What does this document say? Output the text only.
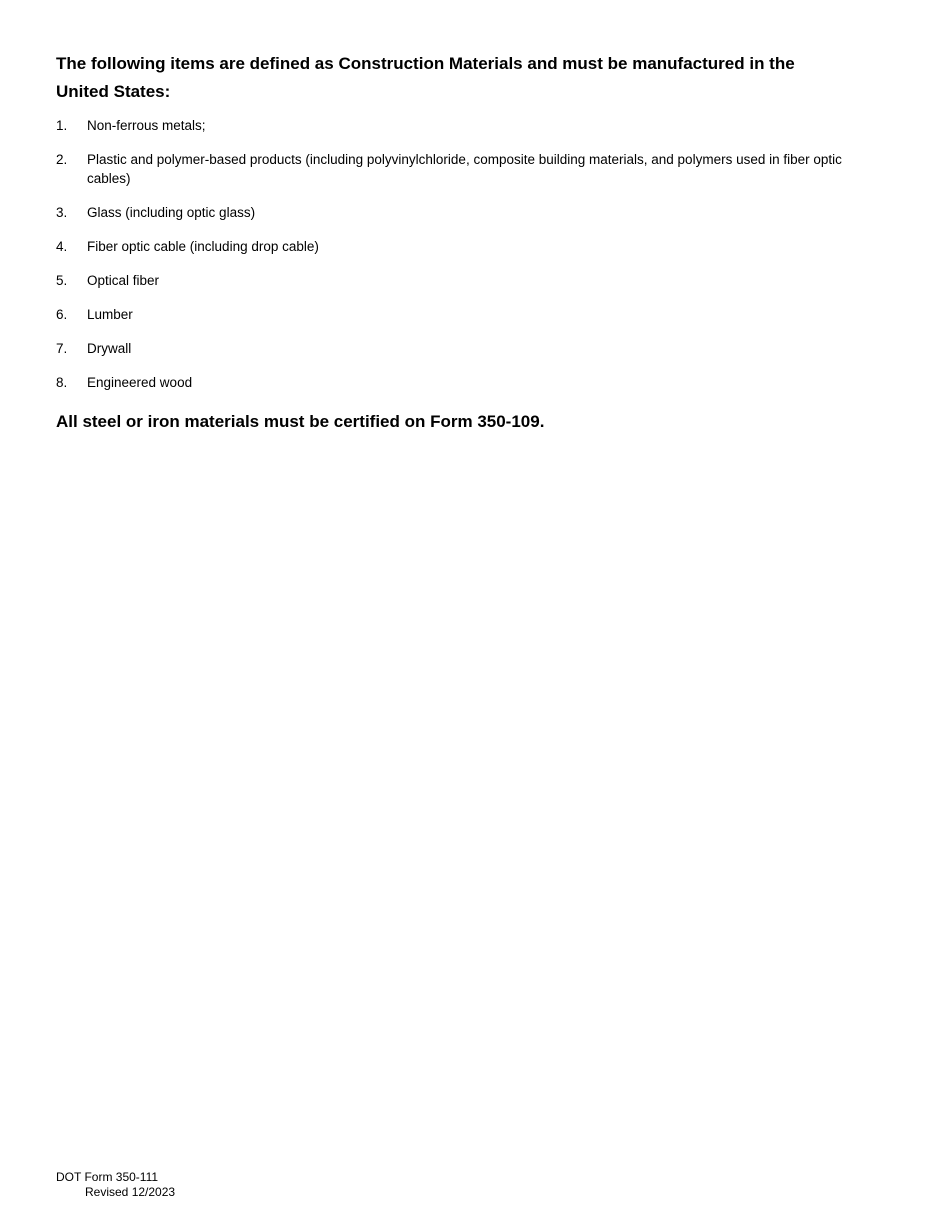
The following items are defined as Construction Materials and must be manufactured in the United States:
1.	Non-ferrous metals;
2.	Plastic and polymer-based products (including polyvinylchloride, composite building materials, and polymers used in fiber optic cables)
3.	Glass (including optic glass)
4.	Fiber optic cable (including drop cable)
5.	Optical fiber
6.	Lumber
7.	Drywall
8.	Engineered wood

All steel or iron materials must be certified on Form 350-109.

DOT Form 350-111
Revised 12/2023
